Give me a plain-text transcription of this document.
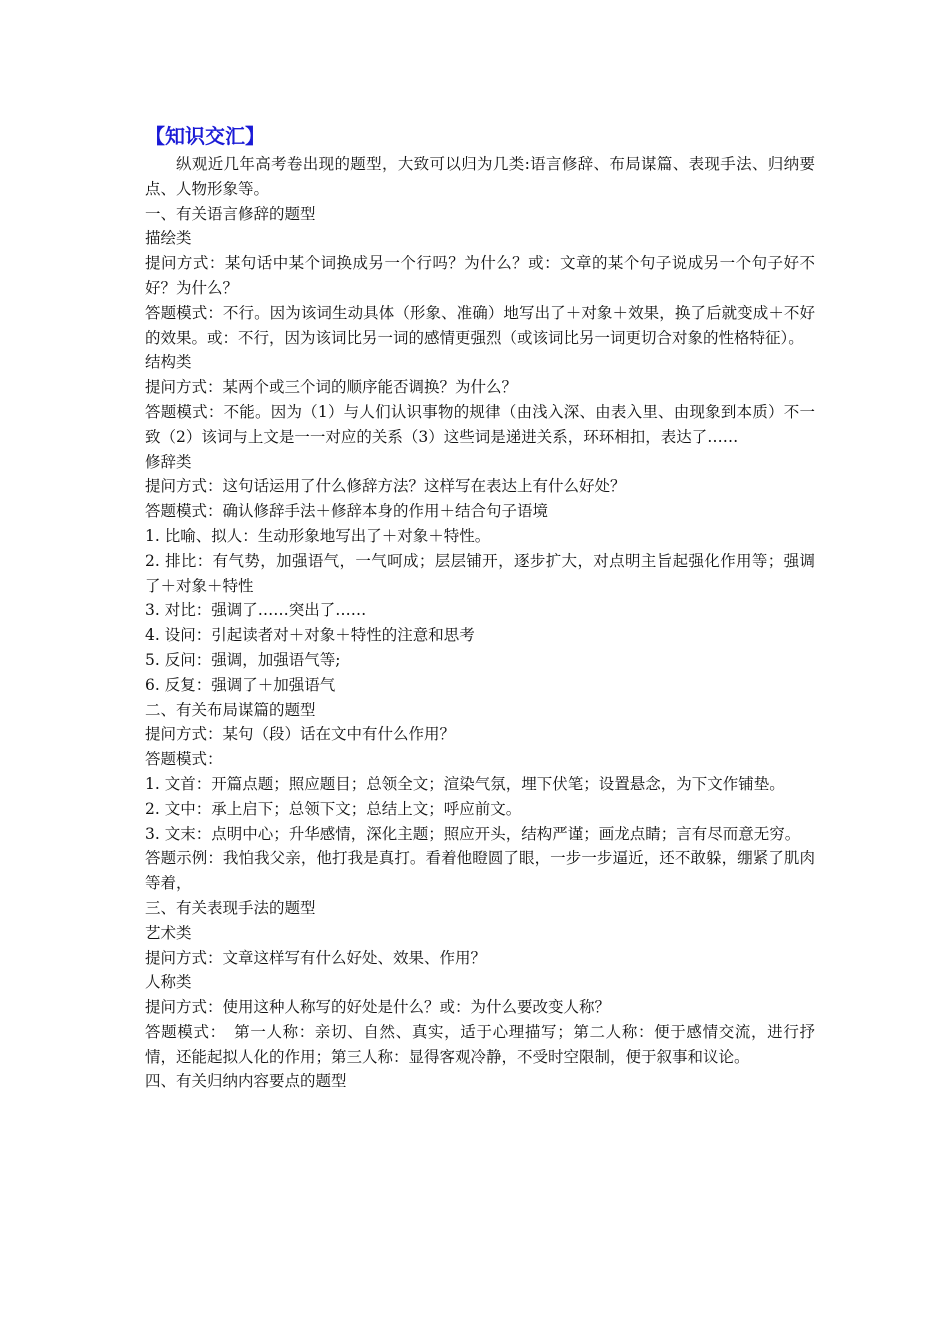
【知识交汇】

纵观近几年高考卷出现的题型，大致可以归为几类:语言修辞、布局谋篇、表现手法、归纳要点、人物形象等。

一、有关语言修辞的题型

描绘类

提问方式：某句话中某个词换成另一个行吗？为什么？或：文章的某个句子说成另一个句子好不好？为什么？

答题模式：不行。因为该词生动具体（形象、准确）地写出了＋对象＋效果，换了后就变成＋不好的效果。或：不行，因为该词比另一词的感情更强烈（或该词比另一词更切合对象的性格特征）。

结构类

提问方式：某两个或三个词的顺序能否调换？为什么？

答题模式：不能。因为（1）与人们认识事物的规律（由浅入深、由表入里、由现象到本质）不一致（2）该词与上文是一一对应的关系（3）这些词是递进关系，环环相扣，表达了……

修辞类

提问方式：这句话运用了什么修辞方法？这样写在表达上有什么好处？

答题模式：确认修辞手法＋修辞本身的作用＋结合句子语境

1. 比喻、拟人：生动形象地写出了＋对象＋特性。

2. 排比：有气势，加强语气，一气呵成；层层铺开，逐步扩大，对点明主旨起强化作用等；强调了＋对象＋特性

3. 对比：强调了……突出了……

4. 设问：引起读者对＋对象＋特性的注意和思考

5. 反问：强调，加强语气等;

6. 反复：强调了＋加强语气

二、有关布局谋篇的题型

提问方式：某句（段）话在文中有什么作用？

答题模式：

1. 文首：开篇点题；照应题目；总领全文；渲染气氛，埋下伏笔；设置悬念，为下文作铺垫。

2. 文中：承上启下；总领下文；总结上文；呼应前文。

3. 文末：点明中心；升华感情，深化主题；照应开头，结构严谨；画龙点睛；言有尽而意无穷。

答题示例：我怕我父亲，他打我是真打。看着他瞪圆了眼，一步一步逼近，还不敢躲，绷紧了肌肉等着，

三、有关表现手法的题型

艺术类

提问方式：文章这样写有什么好处、效果、作用？

人称类

提问方式：使用这种人称写的好处是什么？或：为什么要改变人称？

答题模式：　第一人称：亲切、自然、真实，适于心理描写；第二人称：便于感情交流，进行抒情，还能起拟人化的作用；第三人称：显得客观冷静，不受时空限制，便于叙事和议论。

四、有关归纳内容要点的题型
